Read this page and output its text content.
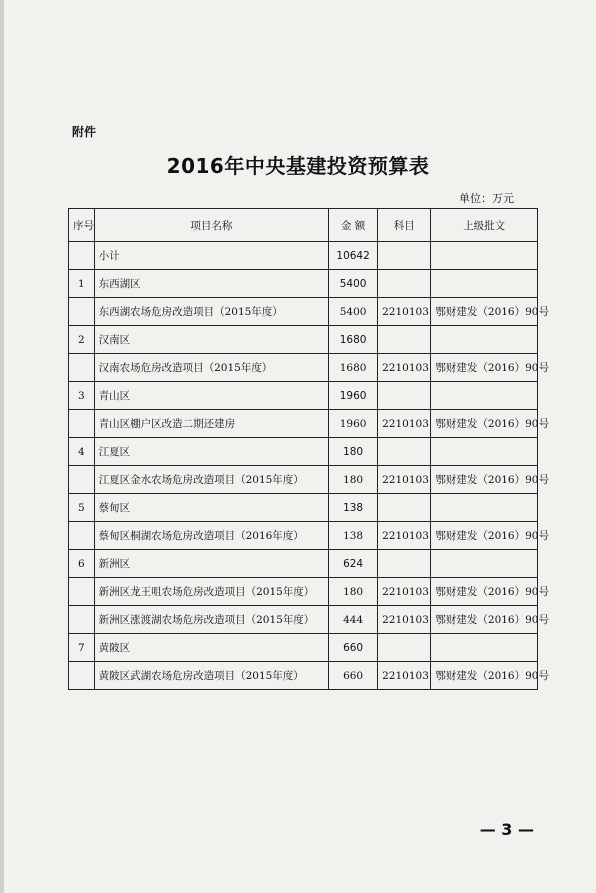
附件
2016年中央基建投资预算表
单位：万元
序号	项目名称	金 额	科目	上级批文
	小计	10642		
1	东西湖区	5400		
	东西湖农场危房改造项目（2015年度）	5400	2210103	鄂财建发（2016）90号
2	汉南区	1680		
	汉南农场危房改造项目（2015年度）	1680	2210103	鄂财建发（2016）90号
3	青山区	1960		
	青山区棚户区改造二期还建房	1960	2210103	鄂财建发（2016）90号
4	江夏区	180		
	江夏区金水农场危房改造项目（2015年度）	180	2210103	鄂财建发（2016）90号
5	蔡甸区	138		
	蔡甸区桐湖农场危房改造项目（2016年度）	138	2210103	鄂财建发（2016）90号
6	新洲区	624		
	新洲区龙王咀农场危房改造项目（2015年度）	180	2210103	鄂财建发（2016）90号
	新洲区涨渡湖农场危房改造项目（2015年度）	444	2210103	鄂财建发（2016）90号
7	黄陂区	660		
	黄陂区武湖农场危房改造项目（2015年度）	660	2210103	鄂财建发（2016）90号
— 3 —
